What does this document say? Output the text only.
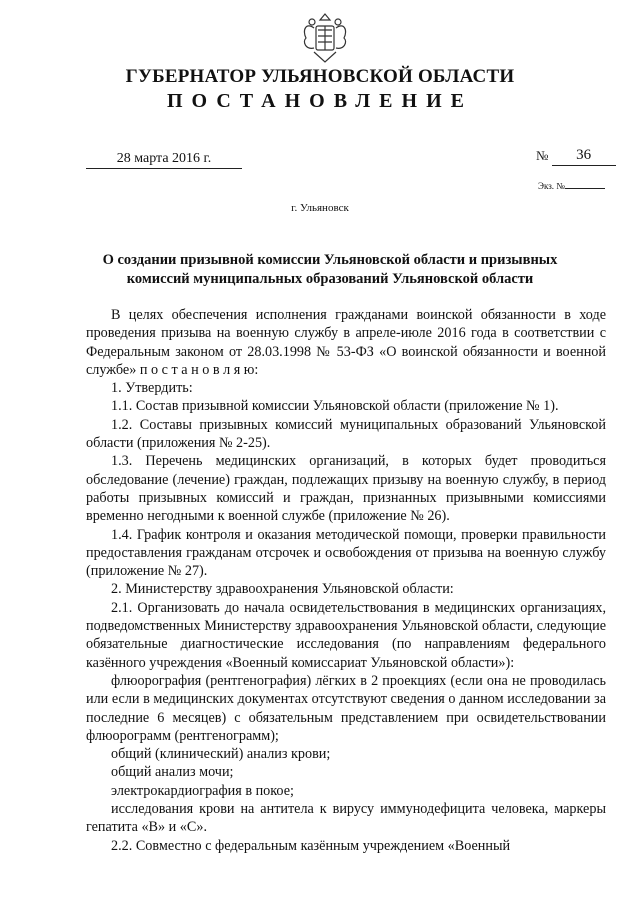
ГУБЕРНАТОР УЛЬЯНОВСКОЙ ОБЛАСТИ
ПОСТАНОВЛЕНИЕ
28 марта 2016 г.	№ 36
Экз. №
г. Ульяновск
О создании призывной комиссии Ульяновской области и призывных комиссий муниципальных образований Ульяновской области

В целях обеспечения исполнения гражданами воинской обязанности в ходе проведения призыва на военную службу в апреле-июле 2016 года в соответствии с Федеральным законом от 28.03.1998 № 53-ФЗ «О воинской обязанности и военной службе» п о с т а н о в л я ю:

1. Утвердить:

1.1. Состав призывной комиссии Ульяновской области (приложение № 1).

1.2. Составы призывных комиссий муниципальных образований Ульяновской области (приложения № 2-25).

1.3. Перечень медицинских организаций, в которых будет проводиться обследование (лечение) граждан, подлежащих призыву на военную службу, в период работы призывных комиссий и граждан, признанных призывными комиссиями временно негодными к военной службе (приложение № 26).

1.4. График контроля и оказания методической помощи, проверки правильности предоставления гражданам отсрочек и освобождения от призыва на военную службу (приложение № 27).

2. Министерству здравоохранения Ульяновской области:

2.1. Организовать до начала освидетельствования в медицинских организациях, подведомственных Министерству здравоохранения Ульяновской области, следующие обязательные диагностические исследования (по направлениям федерального казённого учреждения «Военный комиссариат Ульяновской области»):

флюорография (рентгенография) лёгких в 2 проекциях (если она не проводилась или если в медицинских документах отсутствуют сведения о данном исследовании за последние 6 месяцев) с обязательным представлением при освидетельствовании флюорограмм (рентгенограмм);

общий (клинический) анализ крови;

общий анализ мочи;

электрокардиография в покое;

исследования крови на антитела к вирусу иммунодефицита человека, маркеры гепатита «В» и «С».

2.2. Совместно с федеральным казённым учреждением «Военный
